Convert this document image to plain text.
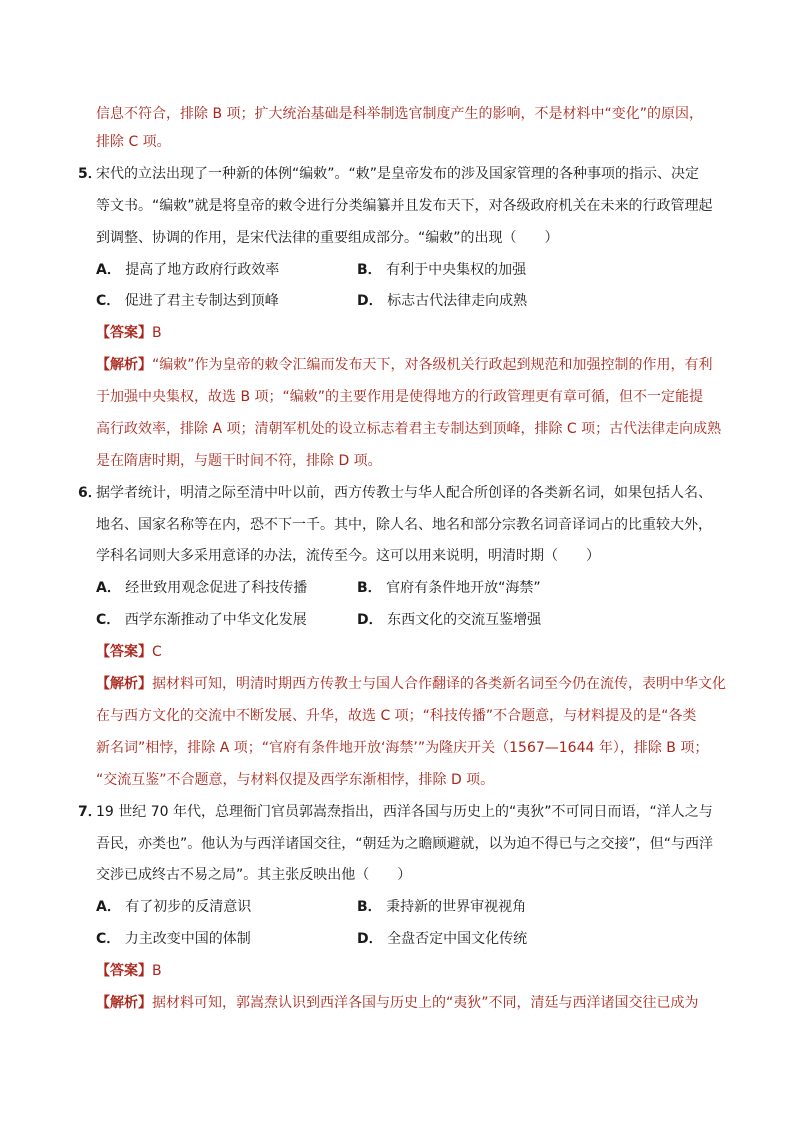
信息不符合，排除 B 项；扩大统治基础是科举制选官制度产生的影响，不是材料中“变化”的原因，
排除 C 项。
5．
宋代的立法出现了一种新的体例“编敕”。“敕”是皇帝发布的涉及国家管理的各种事项的指示、决定
等文书。“编敕”就是将皇帝的敕令进行分类编纂并且发布天下，对各级政府机关在未来的行政管理起
到调整、协调的作用，是宋代法律的重要组成部分。“编敕”的出现（　　）
A． 提高了地方政府行政效率	B． 有利于中央集权的加强
C． 促进了君主专制达到顶峰	D． 标志古代法律走向成熟
【答案】B
【解析】“编敕”作为皇帝的敕令汇编而发布天下，对各级机关行政起到规范和加强控制的作用，有利
于加强中央集权，故选 B 项；“编敕”的主要作用是使得地方的行政管理更有章可循，但不一定能提
高行政效率，排除 A 项；清朝军机处的设立标志着君主专制达到顶峰，排除 C 项；古代法律走向成熟
是在隋唐时期，与题干时间不符，排除 D 项。
6．
据学者统计，明清之际至清中叶以前，西方传教士与华人配合所创译的各类新名词，如果包括人名、
地名、国家名称等在内，恐不下一千。其中，除人名、地名和部分宗教名词音译词占的比重较大外，
学科名词则大多采用意译的办法，流传至今。这可以用来说明，明清时期（　　）
A． 经世致用观念促进了科技传播	B． 官府有条件地开放“海禁”
C． 西学东渐推动了中华文化发展	D． 东西文化的交流互鉴增强
【答案】C
【解析】据材料可知，明清时期西方传教士与国人合作翻译的各类新名词至今仍在流传，表明中华文化
在与西方文化的交流中不断发展、升华，故选 C 项；“科技传播”不合题意，与材料提及的是“各类
新名词”相悖，排除 A 项；“官府有条件地开放‘海禁’”为隆庆开关（1567—1644 年），排除 B 项；
“交流互鉴”不合题意，与材料仅提及西学东渐相悖，排除 D 项。
7．
19 世纪 70 年代，总理衙门官员郭嵩焘指出，西洋各国与历史上的“夷狄”不可同日而语，“洋人之与
吾民，亦类也”。他认为与西洋诸国交往，“朝廷为之瞻顾避就，以为迫不得已与之交接”，但“与西洋
交涉已成终古不易之局”。其主张反映出他（　　）
A． 有了初步的反清意识	B． 秉持新的世界审视视角
C． 力主改变中国的体制	D． 全盘否定中国文化传统
【答案】B
【解析】据材料可知，郭嵩焘认识到西洋各国与历史上的“夷狄”不同，清廷与西洋诸国交往已成为
